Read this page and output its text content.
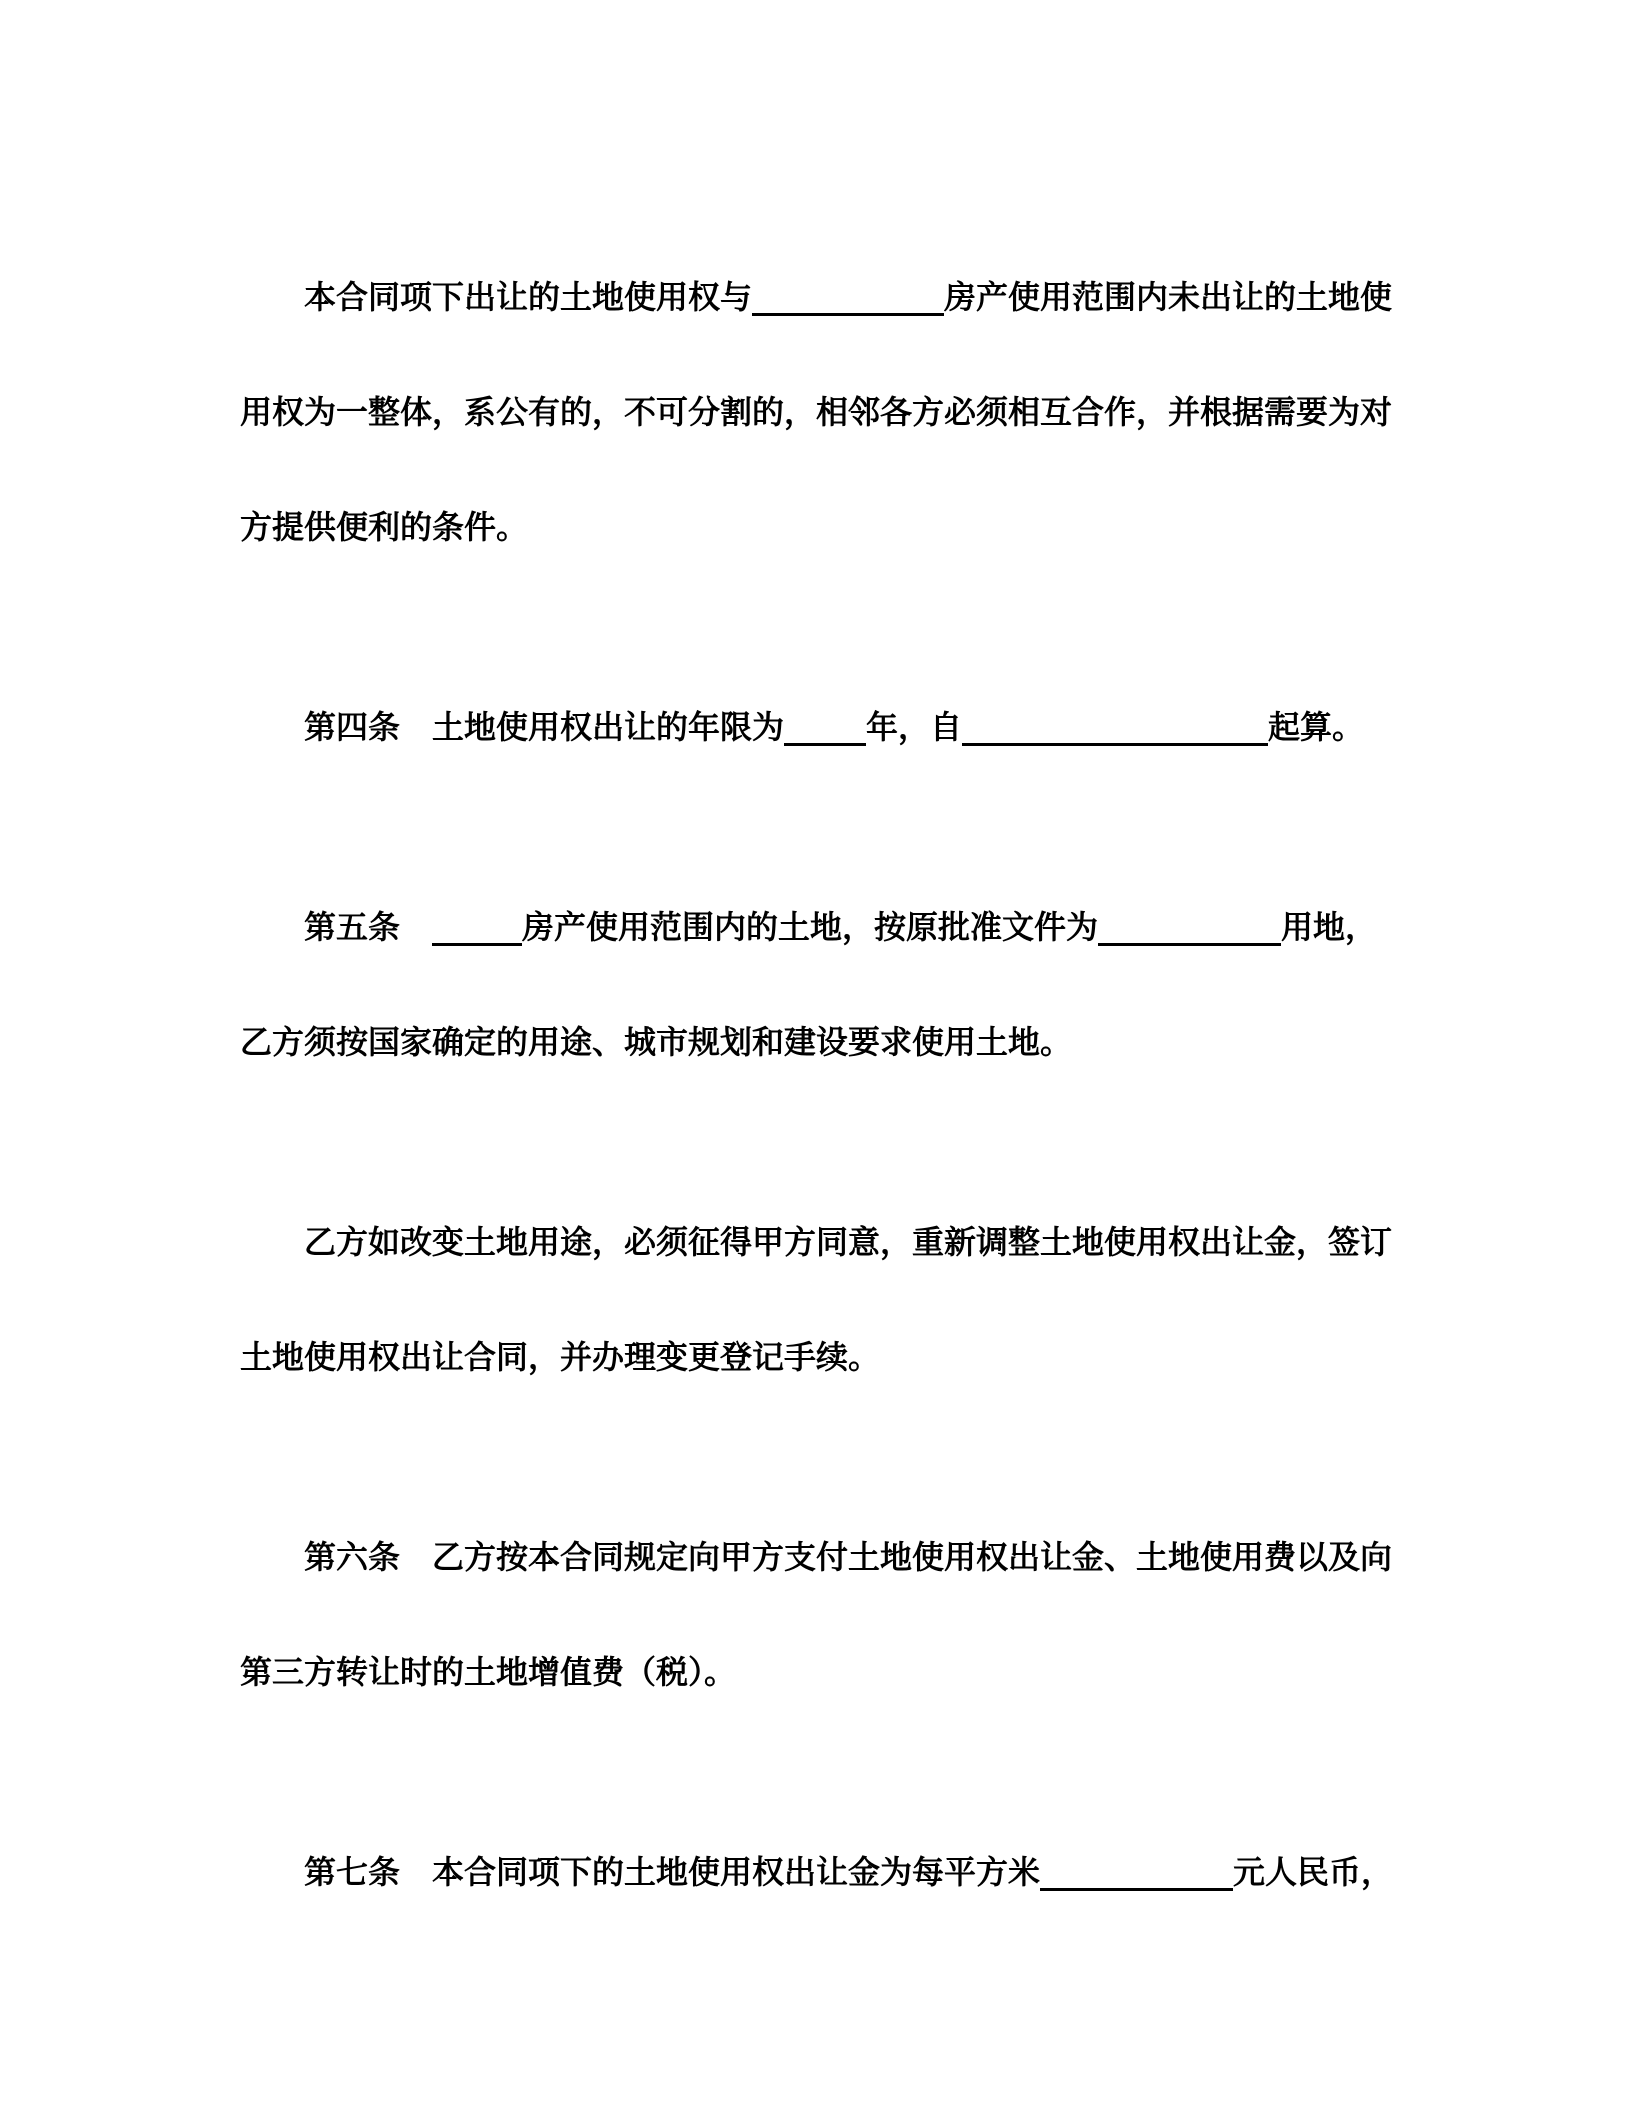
本合同项下出让的土地使用权与	房产使用范围内未出让的土地使用权为一整体，系公有的，不可分割的，相邻各方必须相互合作，并根据需要为对方提供便利的条件。

第四条　土地使用权出让的年限为	年，自	起算。

第五条　	房产使用范围内的土地，按原批准文件为	用地，乙方须按国家确定的用途、城市规划和建设要求使用土地。

乙方如改变土地用途，必须征得甲方同意，重新调整土地使用权出让金，签订土地使用权出让合同，并办理变更登记手续。

第六条　乙方按本合同规定向甲方支付土地使用权出让金、土地使用费以及向第三方转让时的土地增值费（税）。

第七条　本合同项下的土地使用权出让金为每平方米	元人民币，
